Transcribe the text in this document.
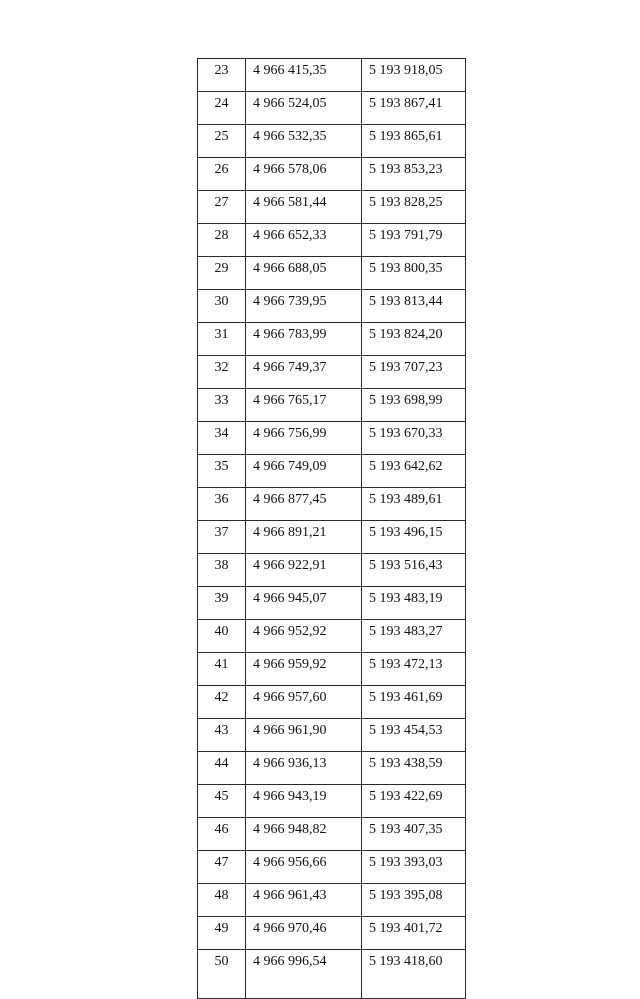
23	4 966 415,35	5 193 918,05
24	4 966 524,05	5 193 867,41
25	4 966 532,35	5 193 865,61
26	4 966 578,06	5 193 853,23
27	4 966 581,44	5 193 828,25
28	4 966 652,33	5 193 791,79
29	4 966 688,05	5 193 800,35
30	4 966 739,95	5 193 813,44
31	4 966 783,99	5 193 824,20
32	4 966 749,37	5 193 707,23
33	4 966 765,17	5 193 698,99
34	4 966 756,99	5 193 670,33
35	4 966 749,09	5 193 642,62
36	4 966 877,45	5 193 489,61
37	4 966 891,21	5 193 496,15
38	4 966 922,91	5 193 516,43
39	4 966 945,07	5 193 483,19
40	4 966 952,92	5 193 483,27
41	4 966 959,92	5 193 472,13
42	4 966 957,60	5 193 461,69
43	4 966 961,90	5 193 454,53
44	4 966 936,13	5 193 438,59
45	4 966 943,19	5 193 422,69
46	4 966 948,82	5 193 407,35
47	4 966 956,66	5 193 393,03
48	4 966 961,43	5 193 395,08
49	4 966 970,46	5 193 401,72
50	4 966 996,54	5 193 418,60
